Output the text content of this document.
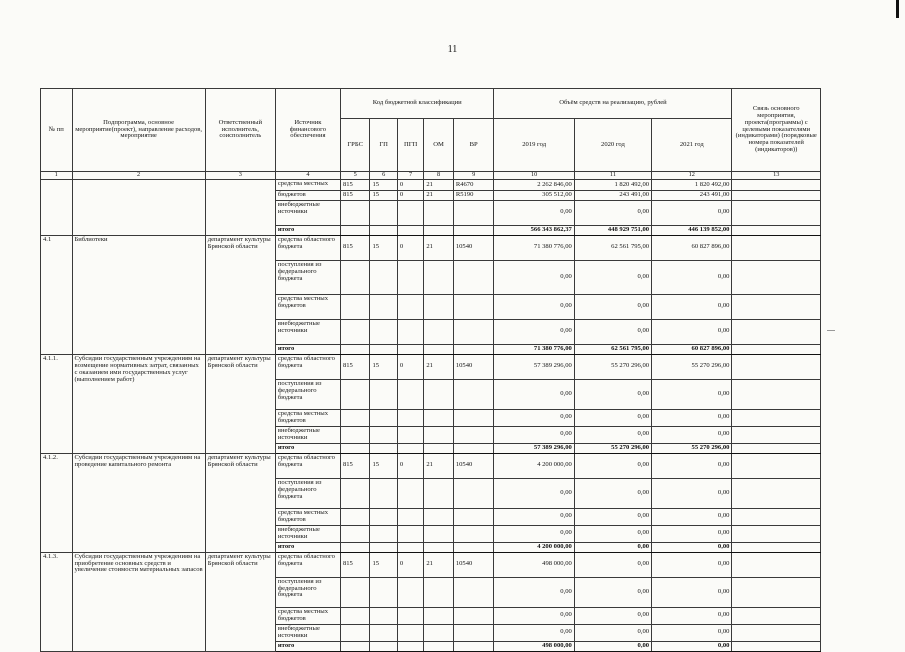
11
№ пп	Подпрограмма, основное мероприятие(проект), направление расходов, мероприятие	Ответственный исполнитель, соисполнитель	Источник финансового обеспечения	Код бюджетной классификации					Объём средств на реализацию, рублей			Связь основного мероприятия, проекта(программы) с целевыми показателями (индикаторами) (порядковые номера показателей (индикаторов))
				ГРБС	ГП	ПГП	ОМ	ВР	2019 год	2020 год	2021 год	
1	2	3	4	5	6	7	8	9	10	11	12	13
			средства местных	815	15	0	21	R4670	2 262 846,00	1 820 492,00	1 820 492,00	
			бюджетов	815	15	0	21	R5190	305 512,00	243 491,00	243 491,00	
			внебюджетные источники						0,00	0,00	0,00	
			итого						566 343 862,37	448 929 751,00	446 139 852,00	
4.1	Библиотеки	департамент культуры Брянской области	средства областного бюджета	815	15	0	21	10540	71 380 776,00	62 561 795,00	60 827 896,00	
			поступления из федерального бюджета						0,00	0,00	0,00	
			средства местных бюджетов						0,00	0,00	0,00	
			внебюджетные источники						0,00	0,00	0,00	
			итого						71 380 776,00	62 561 795,00	60 827 896,00	
4.1.1.	Субсидии государственным учреждениям на возмещение нормативных затрат, связанных с оказанием ими государственных услуг (выполнением работ)	департамент культуры Брянской области	средства областного бюджета	815	15	0	21	10540	57 389 296,00	55 270 296,00	55 270 296,00	
			поступления из федерального бюджета						0,00	0,00	0,00	
			средства местных бюджетов						0,00	0,00	0,00	
			внебюджетные источники						0,00	0,00	0,00	
			итого						57 389 296,00	55 270 296,00	55 270 296,00	
4.1.2.	Субсидии государственным учреждениям на проведение капитального ремонта	департамент культуры Брянской области	средства областного бюджета	815	15	0	21	10540	4 200 000,00	0,00	0,00	
			поступления из федерального бюджета						0,00	0,00	0,00	
			средства местных бюджетов						0,00	0,00	0,00	
			внебюджетные источники						0,00	0,00	0,00	
			итого						4 200 000,00	0,00	0,00	
4.1.3.	Субсидии государственным учреждениям на приобретение основных средств и увеличение стоимости материальных запасов	департамент культуры Брянской области	средства областного бюджета	815	15	0	21	10540	498 000,00	0,00	0,00	
			поступления из федерального бюджета						0,00	0,00	0,00	
			средства местных бюджетов						0,00	0,00	0,00	
			внебюджетные источники						0,00	0,00	0,00	
			итого						498 000,00	0,00	0,00	
